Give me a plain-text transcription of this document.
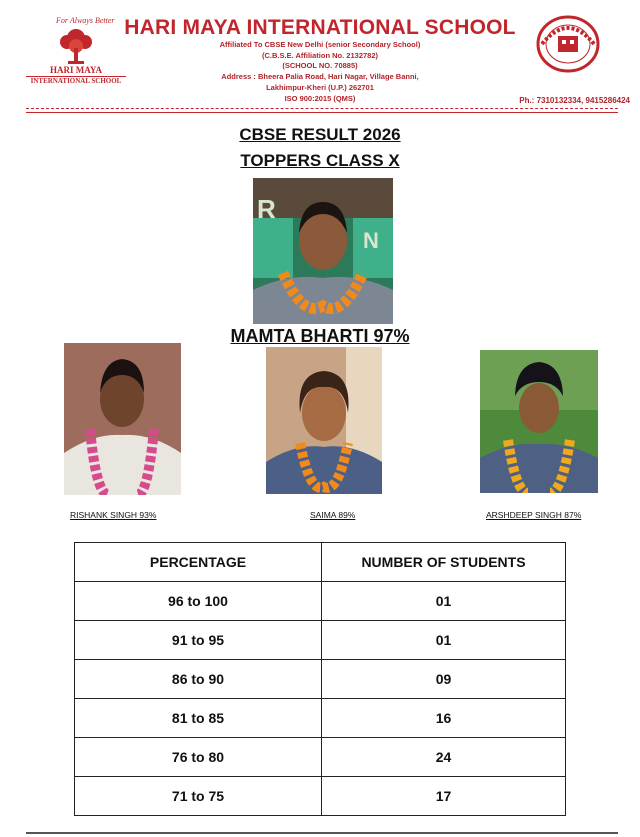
For Always Better
HARI MAYA
INTERNATIONAL SCHOOL
HARI MAYA INTERNATIONAL SCHOOL
Affiliated To CBSE New Delhi (senior Secondary School)
(C.B.S.E. Affiliation No. 2132782)
(SCHOOL NO. 70885)
Address : Bheera Palia Road, Hari Nagar, Village Banni,
Lakhimpur-Kheri (U.P.) 262701
ISO 900:2015 (QMS)	Ph.: 7310132334, 9415286424
CBSE RESULT 2026
TOPPERS CLASS X
R
N
MAMTA BHARTI 97%
RISHANK SINGH 93%	SAIMA 89%	ARSHDEEP SINGH 87%
PERCENTAGE	NUMBER OF STUDENTS
96 to 100	01
91 to 95	01
86 to 90	09
81 to 85	16
76 to 80	24
71 to 75	17
